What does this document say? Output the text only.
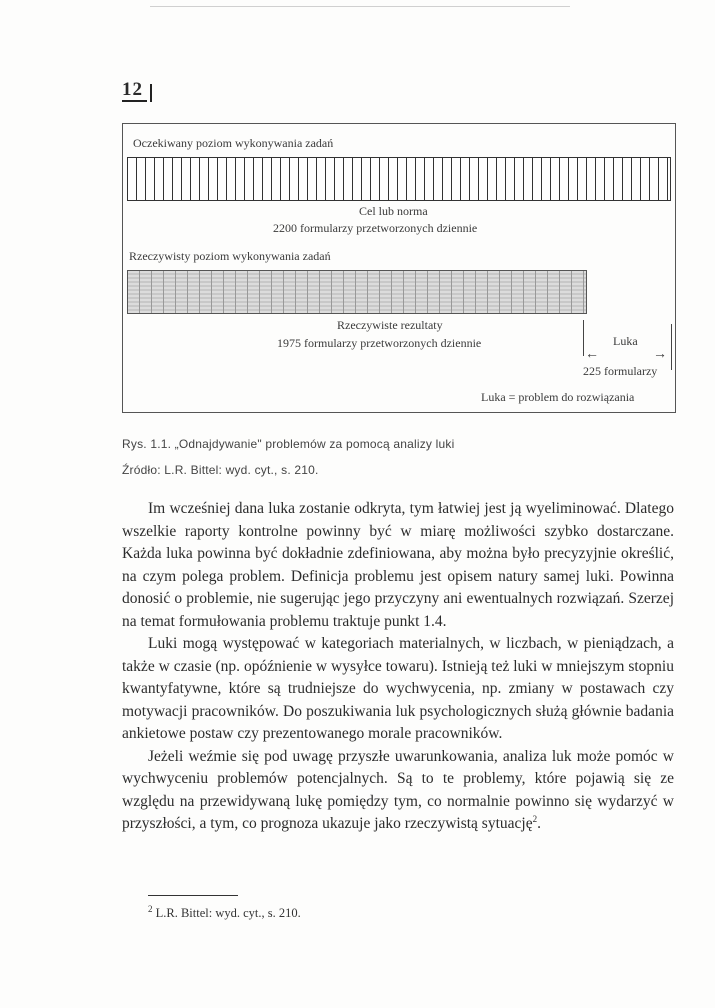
12
Oczekiwany poziom wykonywania zadań
Cel lub norma
2200 formularzy przetworzonych dziennie
Rzeczywisty poziom wykonywania zadań
Rzeczywiste rezultaty
1975 formularzy przetworzonych dziennie	Luka
←	→
225 formularzy
Luka = problem do rozwiązania
Rys. 1.1. „Odnajdywanie" problemów za pomocą analizy luki
Źródło: L.R. Bittel: wyd. cyt., s. 210.

Im wcześniej dana luka zostanie odkryta, tym łatwiej jest ją wyeliminować. Dlatego wszelkie raporty kontrolne powinny być w miarę możliwości szybko dostarczane. Każda luka powinna być dokładnie zdefiniowana, aby można było precyzyjnie określić, na czym polega problem. Definicja problemu jest opisem natury samej luki. Powinna donosić o problemie, nie sugerując jego przyczyny ani ewentualnych rozwiązań. Szerzej na temat formułowania problemu traktuje punkt 1.4.

Luki mogą występować w kategoriach materialnych, w liczbach, w pieniądzach, a także w czasie (np. opóźnienie w wysyłce towaru). Istnieją też luki w mniejszym stopniu kwantyfatywne, które są trudniejsze do wychwycenia, np. zmiany w postawach czy motywacji pracowników. Do poszukiwania luk psychologicznych służą głównie badania ankietowe postaw czy prezentowanego morale pracowników.

Jeżeli weźmie się pod uwagę przyszłe uwarunkowania, analiza luk może pomóc w wychwyceniu problemów potencjalnych. Są to te problemy, które pojawią się ze względu na przewidywaną lukę pomiędzy tym, co normalnie powinno się wydarzyć w przyszłości, a tym, co prognoza ukazuje jako rzeczywistą sytuację$^2$.

$^2$ L.R. Bittel: wyd. cyt., s. 210.
